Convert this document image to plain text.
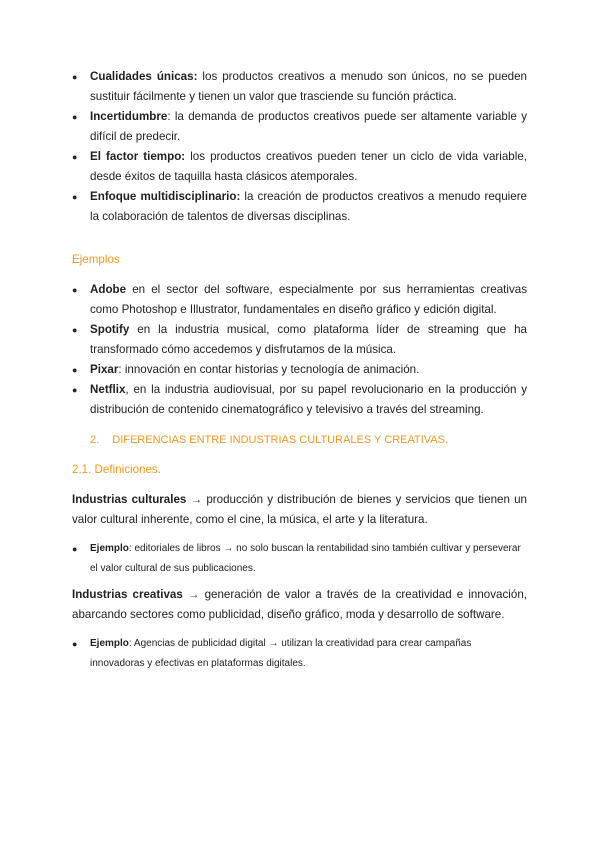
● Cualidades únicas: los productos creativos a menudo son únicos, no se pueden sustituir fácilmente y tienen un valor que trasciende su función práctica.
● Incertidumbre: la demanda de productos creativos puede ser altamente variable y difícil de predecir.
● El factor tiempo: los productos creativos pueden tener un ciclo de vida variable, desde éxitos de taquilla hasta clásicos atemporales.
● Enfoque multidisciplinario: la creación de productos creativos a menudo requiere la colaboración de talentos de diversas disciplinas.
Ejemplos
● Adobe en el sector del software, especialmente por sus herramientas creativas como Photoshop e Illustrator, fundamentales en diseño gráfico y edición digital.
● Spotify en la industria musical, como plataforma líder de streaming que ha transformado cómo accedemos y disfrutamos de la música.
● Pixar: innovación en contar historias y tecnología de animación.
● Netflix, en la industria audiovisual, por su papel revolucionario en la producción y distribución de contenido cinematográfico y televisivo a través del streaming.
2. DIFERENCIAS ENTRE INDUSTRIAS CULTURALES Y CREATIVAS.
2.1. Definiciones.
Industrias culturales → producción y distribución de bienes y servicios que tienen un valor cultural inherente, como el cine, la música, el arte y la literatura.
● Ejemplo: editoriales de libros → no solo buscan la rentabilidad sino también cultivar y perseverar el valor cultural de sus publicaciones.
Industrias creativas → generación de valor a través de la creatividad e innovación, abarcando sectores como publicidad, diseño gráfico, moda y desarrollo de software.
● Ejemplo: Agencias de publicidad digital → utilizan la creatividad para crear campañas innovadoras y efectivas en plataformas digitales.
